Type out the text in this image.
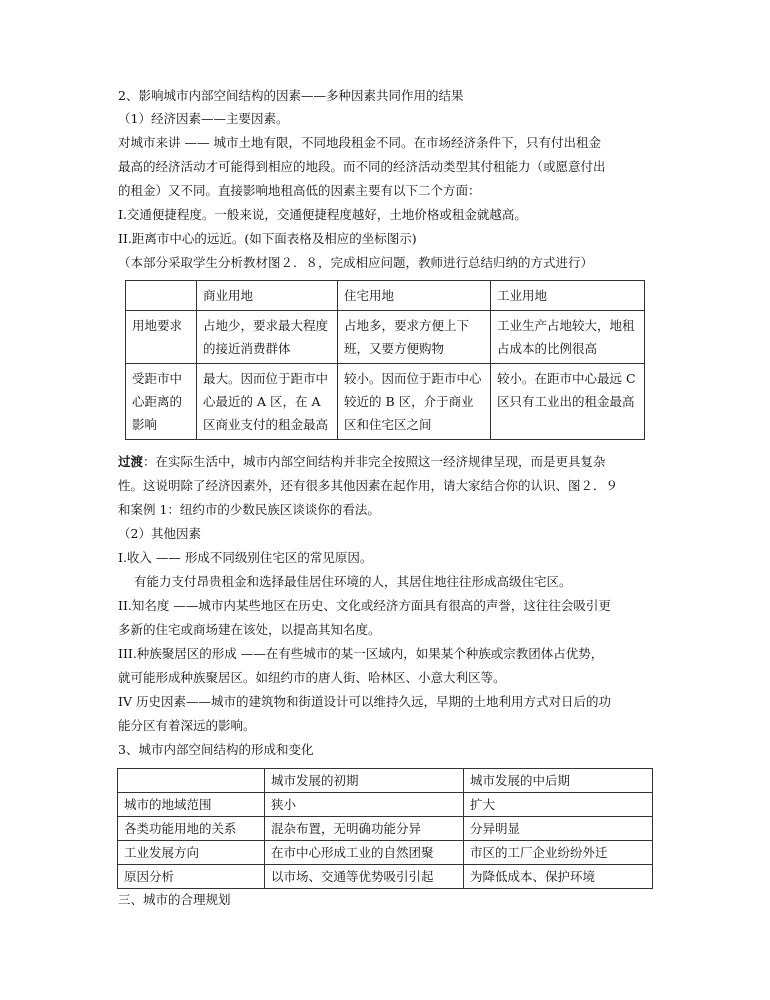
2、影响城市内部空间结构的因素——多种因素共同作用的结果
（1）经济因素——主要因素。
对城市来讲 —— 城市土地有限，不同地段租金不同。在市场经济条件下，只有付出租金
最高的经济活动才可能得到相应的地段。而不同的经济活动类型其付租能力（或愿意付出
的租金）又不同。直接影响地租高低的因素主要有以下二个方面：
I.交通便捷程度。一般来说，交通便捷程度越好，土地价格或租金就越高。
II.距离市中心的远近。(如下面表格及相应的坐标图示)
（本部分采取学生分析教材图２．８，完成相应问题，教师进行总结归纳的方式进行）
	商业用地	住宅用地	工业用地
用地要求	占地少，要求最大程度的接近消费群体	占地多，要求方便上下班，又要方便购物	工业生产占地较大，地租占成本的比例很高
受距市中心距离的影响	最大。因而位于距市中心最近的 A 区，在 A 区商业支付的租金最高	较小。因而位于距市中心较近的 B 区，介于商业区和住宅区之间	较小。在距市中心最远 C 区只有工业出的租金最高
过渡：在实际生活中，城市内部空间结构并非完全按照这一经济规律呈现，而是更具复杂
性。这说明除了经济因素外，还有很多其他因素在起作用，请大家结合你的认识、图２．９
和案例 1：纽约市的少数民族区谈谈你的看法。
（2）其他因素
I.收入 —— 形成不同级别住宅区的常见原因。
有能力支付昂贵租金和选择最佳居住环境的人，其居住地往往形成高级住宅区。
II.知名度 ——城市内某些地区在历史、文化或经济方面具有很高的声誉，这往往会吸引更
多新的住宅或商场建在该处，以提高其知名度。
III.种族聚居区的形成 ——在有些城市的某一区域内，如果某个种族或宗教团体占优势，
就可能形成种族聚居区。如纽约市的唐人街、哈林区、小意大利区等。
IV 历史因素——城市的建筑物和街道设计可以维持久远，早期的土地利用方式对日后的功
能分区有着深远的影响。
3、城市内部空间结构的形成和变化
	城市发展的初期	城市发展的中后期
城市的地域范围	狭小	扩大
各类功能用地的关系	混杂布置，无明确功能分异	分异明显
工业发展方向	在市中心形成工业的自然团聚	市区的工厂企业纷纷外迁
原因分析	以市场、交通等优势吸引引起	为降低成本、保护环境
三、城市的合理规划
